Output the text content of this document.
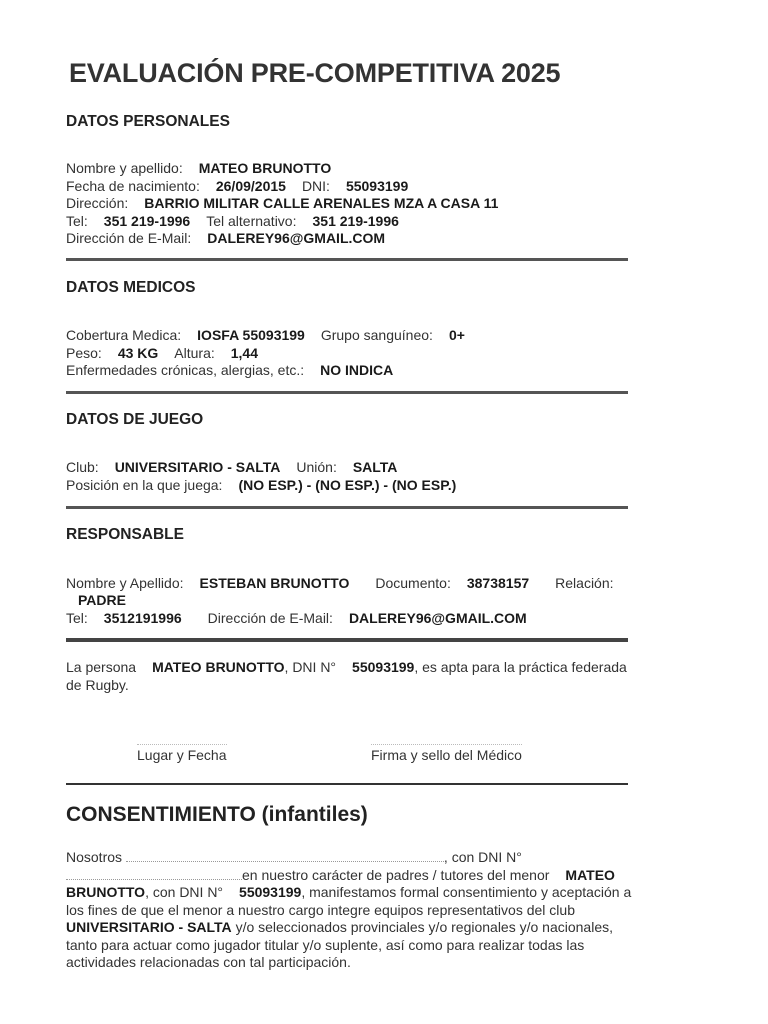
EVALUACIÓN PRE-COMPETITIVA 2025
DATOS PERSONALES
Nombre y apellido: MATEO BRUNOTTO
Fecha de nacimiento: 26/09/2015 DNI: 55093199
Dirección: BARRIO MILITAR CALLE ARENALES MZA A CASA 11
Tel: 351 219-1996 Tel alternativo: 351 219-1996
Dirección de E-Mail: DALEREY96@GMAIL.COM
DATOS MEDICOS
Cobertura Medica: IOSFA 55093199 Grupo sanguíneo: 0+
Peso: 43 KG Altura: 1,44
Enfermedades crónicas, alergias, etc.: NO INDICA
DATOS DE JUEGO
Club: UNIVERSITARIO - SALTA Unión: SALTA
Posición en la que juega: (NO ESP.) - (NO ESP.) - (NO ESP.)
RESPONSABLE
Nombre y Apellido: ESTEBAN BRUNOTTO Documento: 38738157 Relación:
PADRE
Tel: 3512191996 Dirección de E-Mail: DALEREY96@GMAIL.COM
La persona MATEO BRUNOTTO, DNI N° 55093199, es apta para la práctica federada de Rugby.
Lugar y Fecha	Firma y sello del Médico
CONSENTIMIENTO (infantiles)
Nosotros	, con DNI N°
en nuestro carácter de padres / tutores del menor MATEO
BRUNOTTO, con DNI N° 55093199, manifestamos formal consentimiento y aceptación a los fines de que el menor a nuestro cargo integre equipos representativos del clubUNIVERSITARIO - SALTA y/o seleccionados provinciales y/o regionales y/o nacionales, tanto para actuar como jugador titular y/o suplente, así como para realizar todas las actividades relacionadas con tal participación.
